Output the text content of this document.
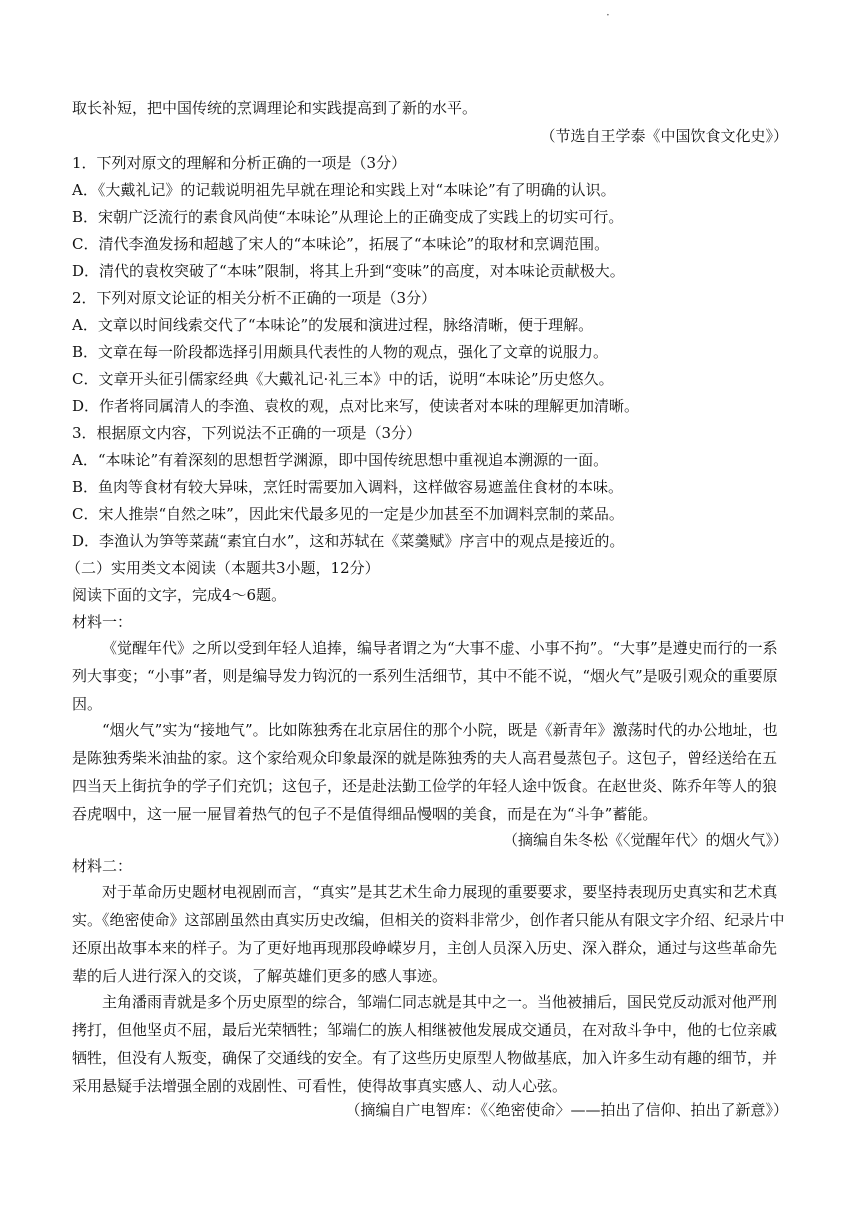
·
取长补短，把中国传统的烹调理论和实践提高到了新的水平。
（节选自王学泰《中国饮食文化史》）
1．下列对原文的理解和分析正确的一项是（3分）
A．《大戴礼记》的记载说明祖先早就在理论和实践上对“本味论”有了明确的认识。
B．宋朝广泛流行的素食风尚使“本味论”从理论上的正确变成了实践上的切实可行。
C．清代李渔发扬和超越了宋人的“本味论”，拓展了“本味论”的取材和烹调范围。
D．清代的袁枚突破了“本味”限制，将其上升到“变味”的高度，对本味论贡献极大。
2．下列对原文论证的相关分析不正确的一项是（3分）
A．文章以时间线索交代了“本味论”的发展和演进过程，脉络清晰，便于理解。
B．文章在每一阶段都选择引用颇具代表性的人物的观点，强化了文章的说服力。
C．文章开头征引儒家经典《大戴礼记·礼三本》中的话，说明“本味论”历史悠久。
D．作者将同属清人的李渔、袁枚的观，点对比来写，使读者对本味的理解更加清晰。
3．根据原文内容，下列说法不正确的一项是（3分）
A．“本味论”有着深刻的思想哲学渊源，即中国传统思想中重视追本溯源的一面。
B．鱼肉等食材有较大异味，烹饪时需要加入调料，这样做容易遮盖住食材的本味。
C．宋人推崇“自然之味”，因此宋代最多见的一定是少加甚至不加调料烹制的菜品。
D．李渔认为笋等菜蔬“素宜白水”，这和苏轼在《菜羹赋》序言中的观点是接近的。
（二）实用类文本阅读（本题共3小题，12分）
阅读下面的文字，完成4～6题。
材料一：

《觉醒年代》之所以受到年轻人追捧，编导者谓之为“大事不虚、小事不拘”。“大事”是遵史而行的一系列大事变；“小事”者，则是编导发力钩沉的一系列生活细节，其中不能不说，“烟火气”是吸引观众的重要原因。

“烟火气”实为“接地气”。比如陈独秀在北京居住的那个小院，既是《新青年》激荡时代的办公地址，也是陈独秀柴米油盐的家。这个家给观众印象最深的就是陈独秀的夫人高君曼蒸包子。这包子，曾经送给在五四当天上街抗争的学子们充饥；这包子，还是赴法勤工俭学的年轻人途中饭食。在赵世炎、陈乔年等人的狼吞虎咽中，这一屉一屉冒着热气的包子不是值得细品慢咽的美食，而是在为“斗争”蓄能。

（摘编自朱冬松《〈觉醒年代〉的烟火气》）
材料二：

对于革命历史题材电视剧而言，“真实”是其艺术生命力展现的重要要求，要坚持表现历史真实和艺术真实。《绝密使命》这部剧虽然由真实历史改编，但相关的资料非常少，创作者只能从有限文字介绍、纪录片中还原出故事本来的样子。为了更好地再现那段峥嵘岁月，主创人员深入历史、深入群众，通过与这些革命先辈的后人进行深入的交谈，了解英雄们更多的感人事迹。

主角潘雨青就是多个历史原型的综合，邹端仁同志就是其中之一。当他被捕后，国民党反动派对他严刑拷打，但他坚贞不屈，最后光荣牺牲；邹端仁的族人相继被他发展成交通员，在对敌斗争中，他的七位亲戚牺牲，但没有人叛变，确保了交通线的安全。有了这些历史原型人物做基底，加入许多生动有趣的细节，并采用悬疑手法增强全剧的戏剧性、可看性，使得故事真实感人、动人心弦。

（摘编自广电智库：《〈绝密使命〉——拍出了信仰、拍出了新意》）
